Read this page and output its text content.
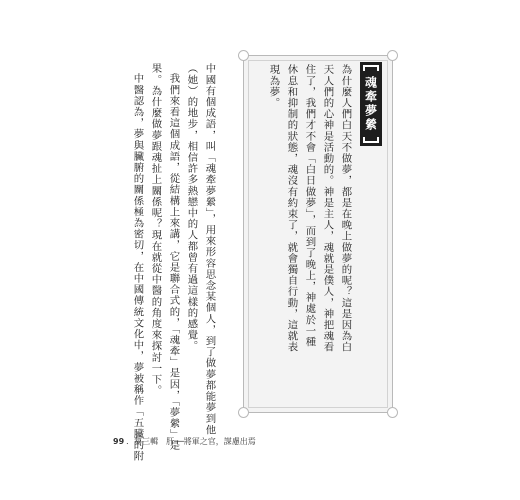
魂牽夢縈
為什麼人們白天不做夢，都是在晚上做夢的呢？這是因為白
天人們的心神是活動的。神是主人，魂就是僕人，神把魂看
住了，我們才不會「白日做夢」，而到了晚上，神處於一種
休息和抑制的狀態，魂沒有約束了，就會獨自行動，這就表
現為夢。
中國有個成語，叫「魂牽夢縈」，用來形容思念某個人，到了做夢都能夢到他
（她）的地步，相信許多熱戀中的人都曾有過這樣的感覺。
我們來看這個成語，從結構上來講，它是聯合式的，「魂牽」是因，「夢縈」是
果。為什麼做夢跟魂扯上關係呢？現在就從中醫的角度來探討一下。
中醫認為，夢與臟腑的關係極為密切，在中國傳統文化中，夢被稱作「五臟的附
99 ．第三輯　肝──將軍之官，謀慮出焉
